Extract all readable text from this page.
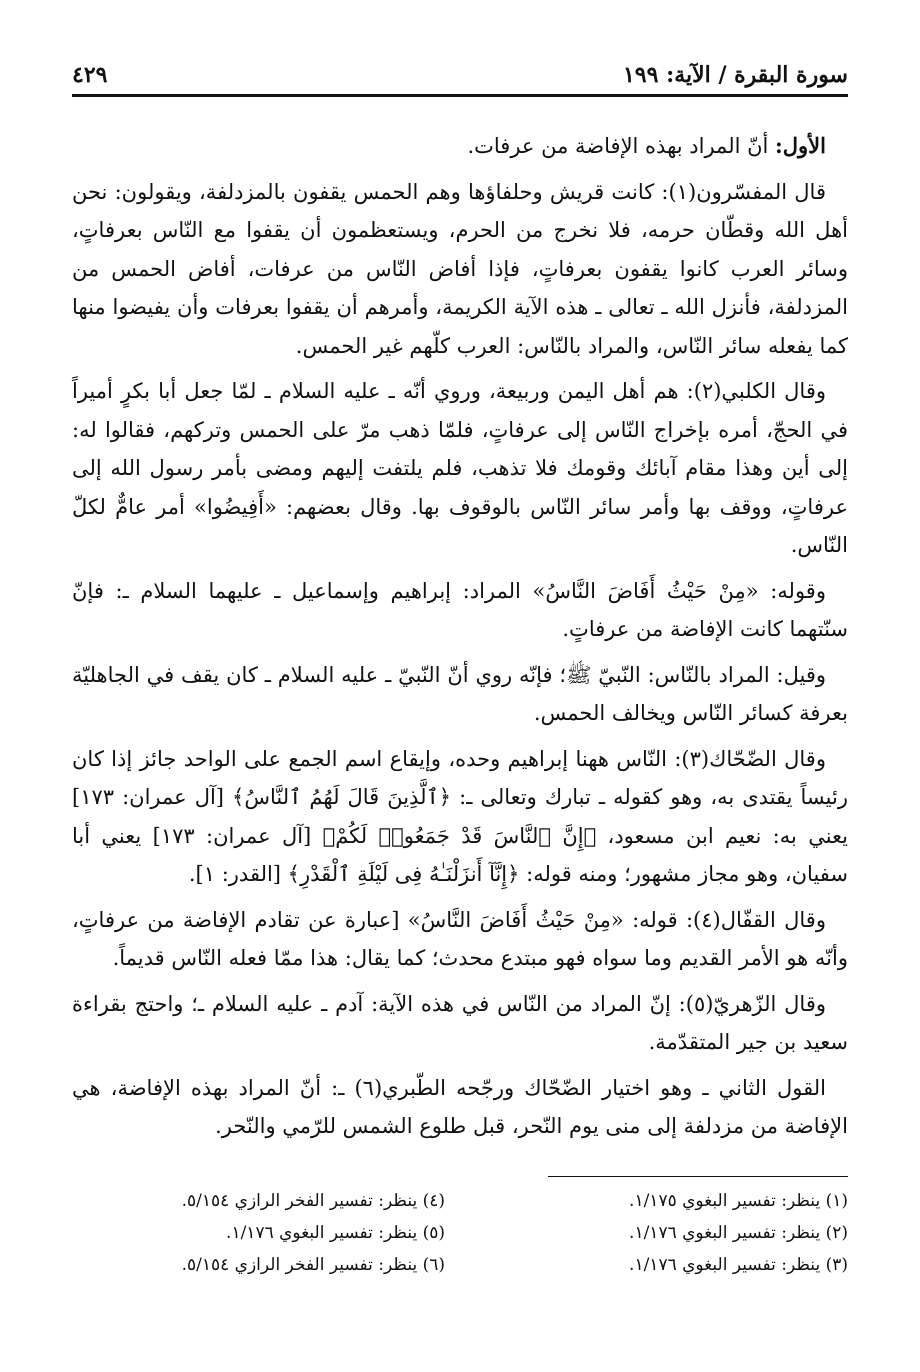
سورة البقرة / الآية: ١٩٩
٤٢٩

الأول: أنّ المراد بهذه الإفاضة من عرفات.

قال المفسّرون(١): كانت قريش وحلفاؤها وهم الحمس يقفون بالمزدلفة، ويقولون: نحن أهل الله وقطّان حرمه، فلا نخرج من الحرم، ويستعظمون أن يقفوا مع النّاس بعرفاتٍ، وسائر العرب كانوا يقفون بعرفاتٍ، فإذا أفاض النّاس من عرفات، أفاض الحمس من المزدلفة، فأنزل الله ـ تعالى ـ هذه الآية الكريمة، وأمرهم أن يقفوا بعرفات وأن يفيضوا منها كما يفعله سائر النّاس، والمراد بالنّاس: العرب كلّهم غير الحمس.

وقال الكلبي(٢): هم أهل اليمن وربيعة، وروي أنّه ـ عليه السلام ـ لمّا جعل أبا بكرٍ أميراً في الحجّ، أمره بإخراج النّاس إلى عرفاتٍ، فلمّا ذهب مرّ على الحمس وتركهم، فقالوا له: إلى أين وهذا مقام آبائك وقومك فلا تذهب، فلم يلتفت إليهم ومضى بأمر رسول الله إلى عرفاتٍ، ووقف بها وأمر سائر النّاس بالوقوف بها. وقال بعضهم: «أَفِيضُوا» أمر عامٌّ لكلّ النّاس.

وقوله: «مِنْ حَيْثُ أَفَاضَ النَّاسُ» المراد: إبراهيم وإسماعيل ـ عليهما السلام ـ: فإنّ سنّتهما كانت الإفاضة من عرفاتٍ.

وقيل: المراد بالنّاس: النّبيّ ﷺ؛ فإنّه روي أنّ النّبيّ ـ عليه السلام ـ كان يقف في الجاهليّة بعرفة كسائر النّاس ويخالف الحمس.

وقال الضّحّاك(٣): النّاس ههنا إبراهيم وحده، وإيقاع اسم الجمع على الواحد جائز إذا كان رئيساً يقتدى به، وهو كقوله ـ تبارك وتعالى ـ: ﴿ٱلَّذِينَ قَالَ لَهُمُ ٱلنَّاسُ﴾ [آل عمران: ١٧٣] يعني به: نعيم ابن مسعود، ﴿إِنَّ ٱلنَّاسَ قَدْ جَمَعُوا۟ لَكُمْ﴾ [آل عمران: ١٧٣] يعني أبا سفيان، وهو مجاز مشهور؛ ومنه قوله: ﴿إِنَّآ أَنزَلْنَـٰهُ فِى لَيْلَةِ ٱلْقَدْرِ﴾ [القدر: ١].

وقال القفّال(٤): قوله: «مِنْ حَيْثُ أَفَاضَ النَّاسُ» [عبارة عن تقادم الإفاضة من عرفاتٍ، وأنّه هو الأمر القديم وما سواه فهو مبتدع محدث؛ كما يقال: هذا ممّا فعله النّاس قديماً.

وقال الزّهريّ(٥): إنّ المراد من النّاس في هذه الآية: آدم ـ عليه السلام ـ؛ واحتج بقراءة سعيد بن جير المتقدّمة.

القول الثاني ـ وهو اختيار الضّحّاك ورجّحه الطّبري(٦) ـ: أنّ المراد بهذه الإفاضة، هي الإفاضة من مزدلفة إلى منى يوم النّحر، قبل طلوع الشمس للرّمي والنّحر.

(١) ينظر: تفسير البغوي ١/١٧٥.
(٤) ينظر: تفسير الفخر الرازي ٥/١٥٤.
(٢) ينظر: تفسير البغوي ١/١٧٦.
(٥) ينظر: تفسير البغوي ١/١٧٦.
(٣) ينظر: تفسير البغوي ١/١٧٦.
(٦) ينظر: تفسير الفخر الرازي ٥/١٥٤.
